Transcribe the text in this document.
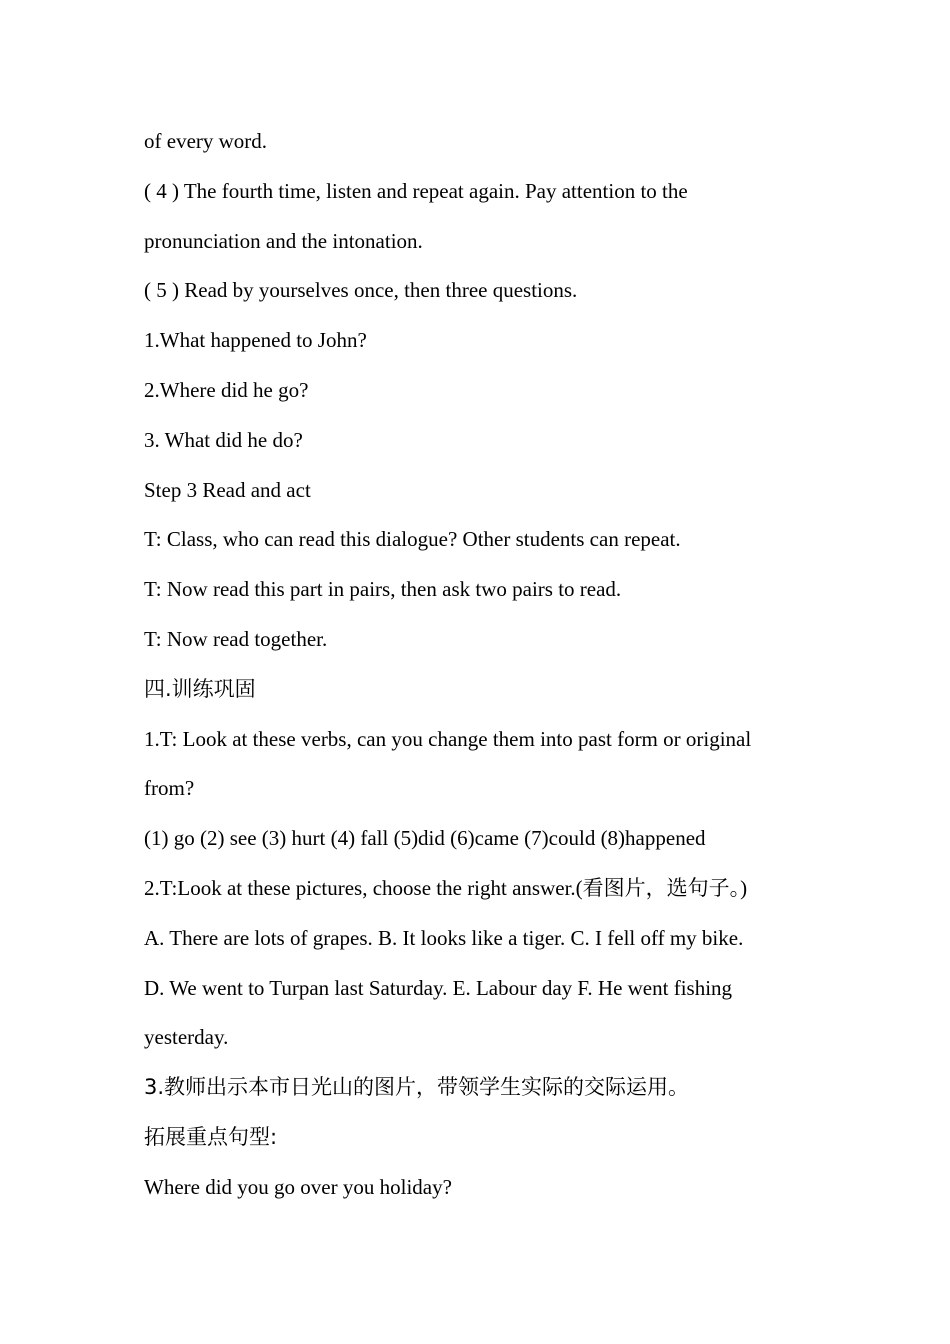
of every word.
( 4 ) The fourth time, listen and repeat again. Pay attention to the
pronunciation and the intonation.
( 5 ) Read by yourselves once, then three questions.
1.What happened to John?
2.Where did he go?
3. What did he do?
Step 3 Read and act
T: Class, who can read this dialogue? Other students can repeat.
T: Now read this part in pairs, then ask two pairs to read.
T: Now read together.
四.训练巩固
1.T: Look at these verbs, can you change them into past form or original
from?
(1) go (2) see (3) hurt (4) fall (5)did (6)came (7)could (8)happened
2.T:Look at these pictures, choose the right answer.(看图片，选句子。)
A. There are lots of grapes. B. It looks like a tiger. C. I fell off my bike.
D. We went to Turpan last Saturday. E. Labour day F. He went fishing
yesterday.
3.教师出示本市日光山的图片，带领学生实际的交际运用。
拓展重点句型:
Where did you go over you holiday?
